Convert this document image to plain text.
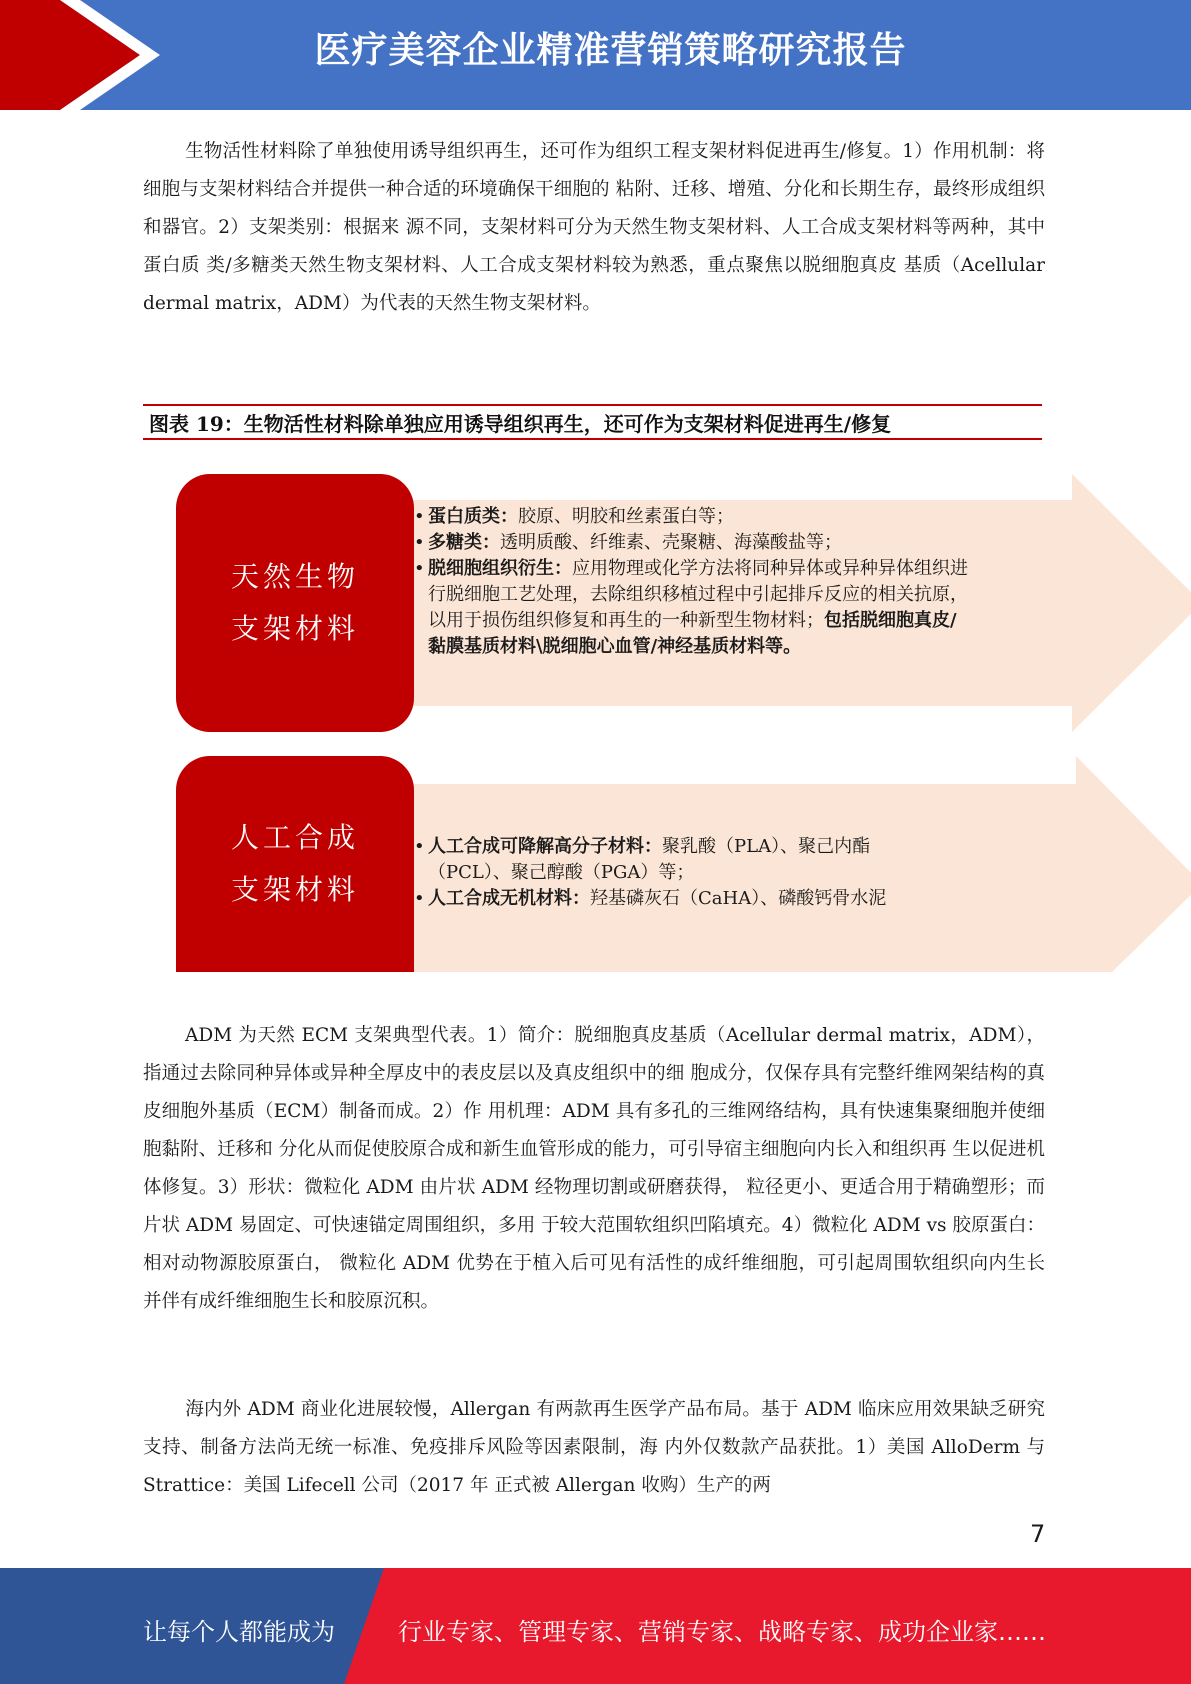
医疗美容企业精准营销策略研究报告

生物活性材料除了单独使用诱导组织再生，还可作为组织工程支架材料促进再生/修复。1）作用机制：将细胞与支架材料结合并提供一种合适的环境确保干细胞的 粘附、迁移、增殖、分化和长期生存，最终形成组织和器官。2）支架类别：根据来 源不同，支架材料可分为天然生物支架材料、人工合成支架材料等两种，其中蛋白质 类/多糖类天然生物支架材料、人工合成支架材料较为熟悉，重点聚焦以脱细胞真皮 基质（Acellular dermal matrix，ADM）为代表的天然生物支架材料。

图表 19：生物活性材料除单独应用诱导组织再生，还可作为支架材料促进再生/修复
天然生物
支架材料
• 蛋白质类：胶原、明胶和丝素蛋白等；
• 多糖类：透明质酸、纤维素、壳聚糖、海藻酸盐等；
• 脱细胞组织衍生：应用物理或化学方法将同种异体或异种异体组织进行脱细胞工艺处理，去除组织移植过程中引起排斥反应的相关抗原，以用于损伤组织修复和再生的一种新型生物材料；包括脱细胞真皮/黏膜基质材料\脱细胞心血管/神经基质材料等。
人工合成
支架材料
• 人工合成可降解高分子材料：聚乳酸（PLA）、聚己内酯（PCL）、聚己醇酸（PGA）等；
• 人工合成无机材料：羟基磷灰石（CaHA）、磷酸钙骨水泥

ADM 为天然 ECM 支架典型代表。1）简介：脱细胞真皮基质（Acellular dermal matrix，ADM），指通过去除同种异体或异种全厚皮中的表皮层以及真皮组织中的细 胞成分，仅保存具有完整纤维网架结构的真皮细胞外基质（ECM）制备而成。2）作 用机理：ADM 具有多孔的三维网络结构，具有快速集聚细胞并使细胞黏附、迁移和 分化从而促使胶原合成和新生血管形成的能力，可引导宿主细胞向内长入和组织再 生以促进机体修复。3）形状：微粒化 ADM 由片状 ADM 经物理切割或研磨获得， 粒径更小、更适合用于精确塑形；而片状 ADM 易固定、可快速锚定周围组织，多用 于较大范围软组织凹陷填充。4）微粒化 ADM vs 胶原蛋白：相对动物源胶原蛋白， 微粒化 ADM 优势在于植入后可见有活性的成纤维细胞，可引起周围软组织向内生长 并伴有成纤维细胞生长和胶原沉积。

海内外 ADM 商业化进展较慢，Allergan 有两款再生医学产品布局。基于 ADM 临床应用效果缺乏研究支持、制备方法尚无统一标准、免疫排斥风险等因素限制，海 内外仅数款产品获批。1）美国 AlloDerm 与 Strattice：美国 Lifecell 公司（2017 年 正式被 Allergan 收购）生产的两

7
让每个人都能成为	行业专家、管理专家、营销专家、战略专家、成功企业家……
